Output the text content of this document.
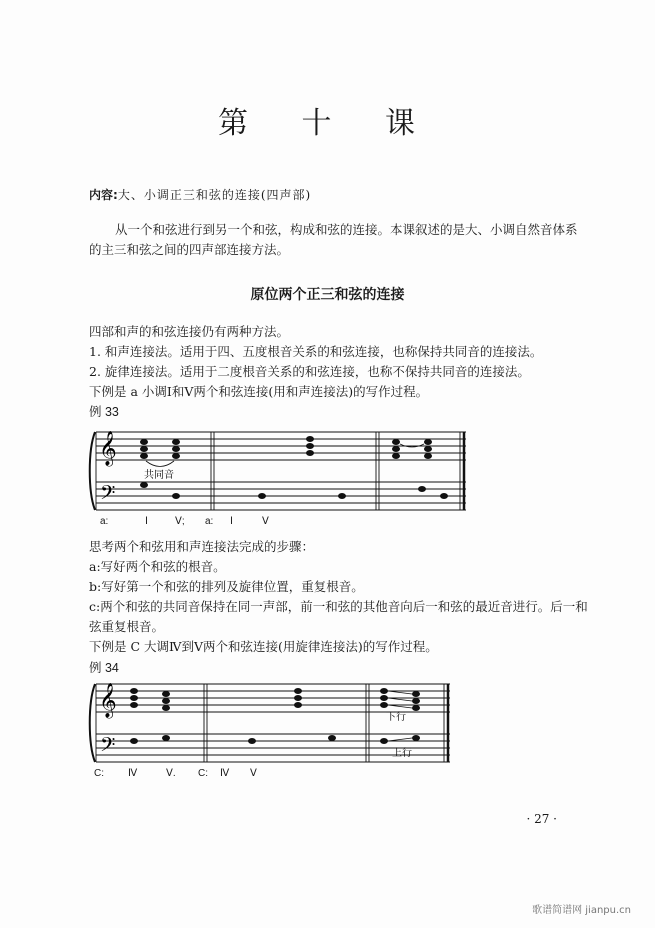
第 十 课
内容:大、小调正三和弦的连接(四声部)
从一个和弦进行到另一个和弦，构成和弦的连接。本课叙述的是大、小调自然音体系的主三和弦之间的四声部连接方法。
原位两个正三和弦的连接
四部和声的和弦连接仍有两种方法。
1. 和声连接法。适用于四、五度根音关系的和弦连接，也称保持共同音的连接法。
2. 旋律连接法。适用于二度根音关系的和弦连接，也称不保持共同音的连接法。
下例是 a 小调Ⅰ和Ⅴ两个和弦连接(用和声连接法)的写作过程。
例 33
𝄞
𝄢
共同音
a:	Ⅰ	Ⅴ; a: Ⅰ	Ⅴ
思考两个和弦用和声连接法完成的步骤：
a:写好两个和弦的根音。
b:写好第一个和弦的排列及旋律位置，重复根音。
c:两个和弦的共同音保持在同一声部，前一和弦的其他音向后一和弦的最近音进行。后一和弦重复根音。
下例是 C 大调Ⅳ到Ⅴ两个和弦连接(用旋律连接法)的写作过程。
例 34
𝄞
𝄢
下行
上行
C: Ⅳ	Ⅴ. C: Ⅳ Ⅴ
· 27 ·
歌谱简谱网 jianpu.cn
